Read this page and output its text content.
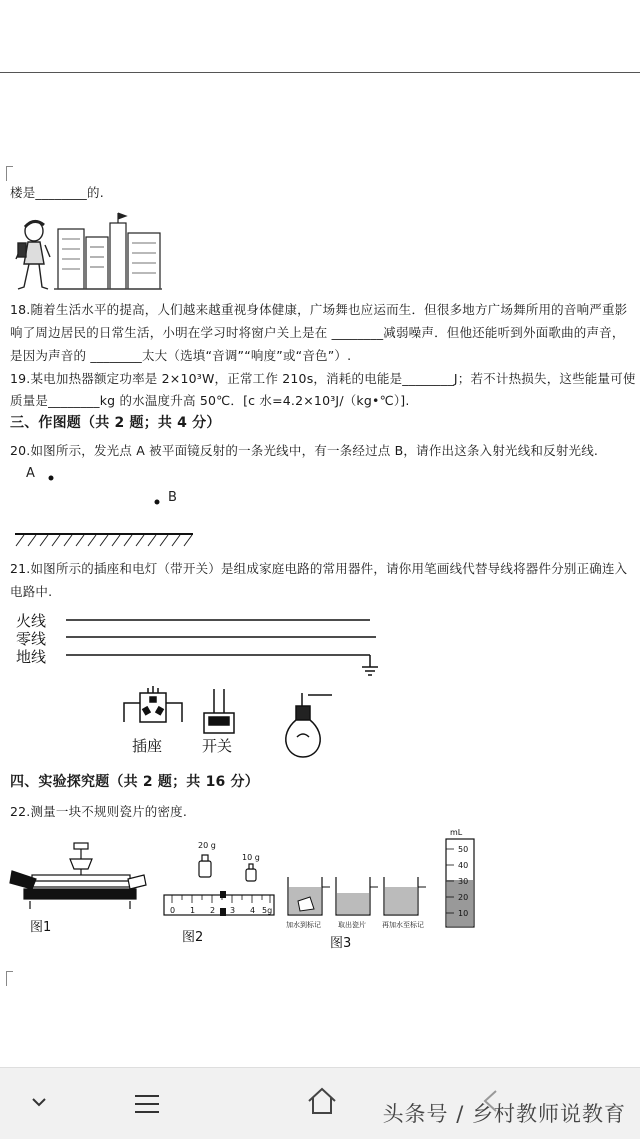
楼是________的.
18.随着生活水平的提高，人们越来越重视身体健康，广场舞也应运而生．但很多地方广场舞所用的音响严重影
响了周边居民的日常生活，小明在学习时将窗户关上是在 ________减弱噪声．但他还能听到外面歌曲的声音，
是因为声音的 ________太大（选填“音调”“响度”或“音色”）.
19.某电加热器额定功率是 2×10³W，正常工作 210s，消耗的电能是________J；若不计热损失，这些能量可使
质量是________kg 的水温度升高 50℃．[c 水=4.2×10³J/（kg•℃）].
三、作图题（共 2 题；共 4 分）
20.如图所示，发光点 A 被平面镜反射的一条光线中，有一条经过点 B，请作出这条入射光线和反射光线.
A
B
21.如图所示的插座和电灯（带开关）是组成家庭电路的常用器件，请你用笔画线代替导线将器件分别正确连入
电路中.
火线
零线
地线
插座	开关
四、实验探究题（共 2 题；共 16 分）
22.测量一块不规则瓷片的密度.
图1
20 g
10 g
0 1 2 3 4 5g
图2
加水到标记 取出瓷片 再加水至标记
图3
mL
50
40
30
20
10
头条号 / 乡村教师说教育
